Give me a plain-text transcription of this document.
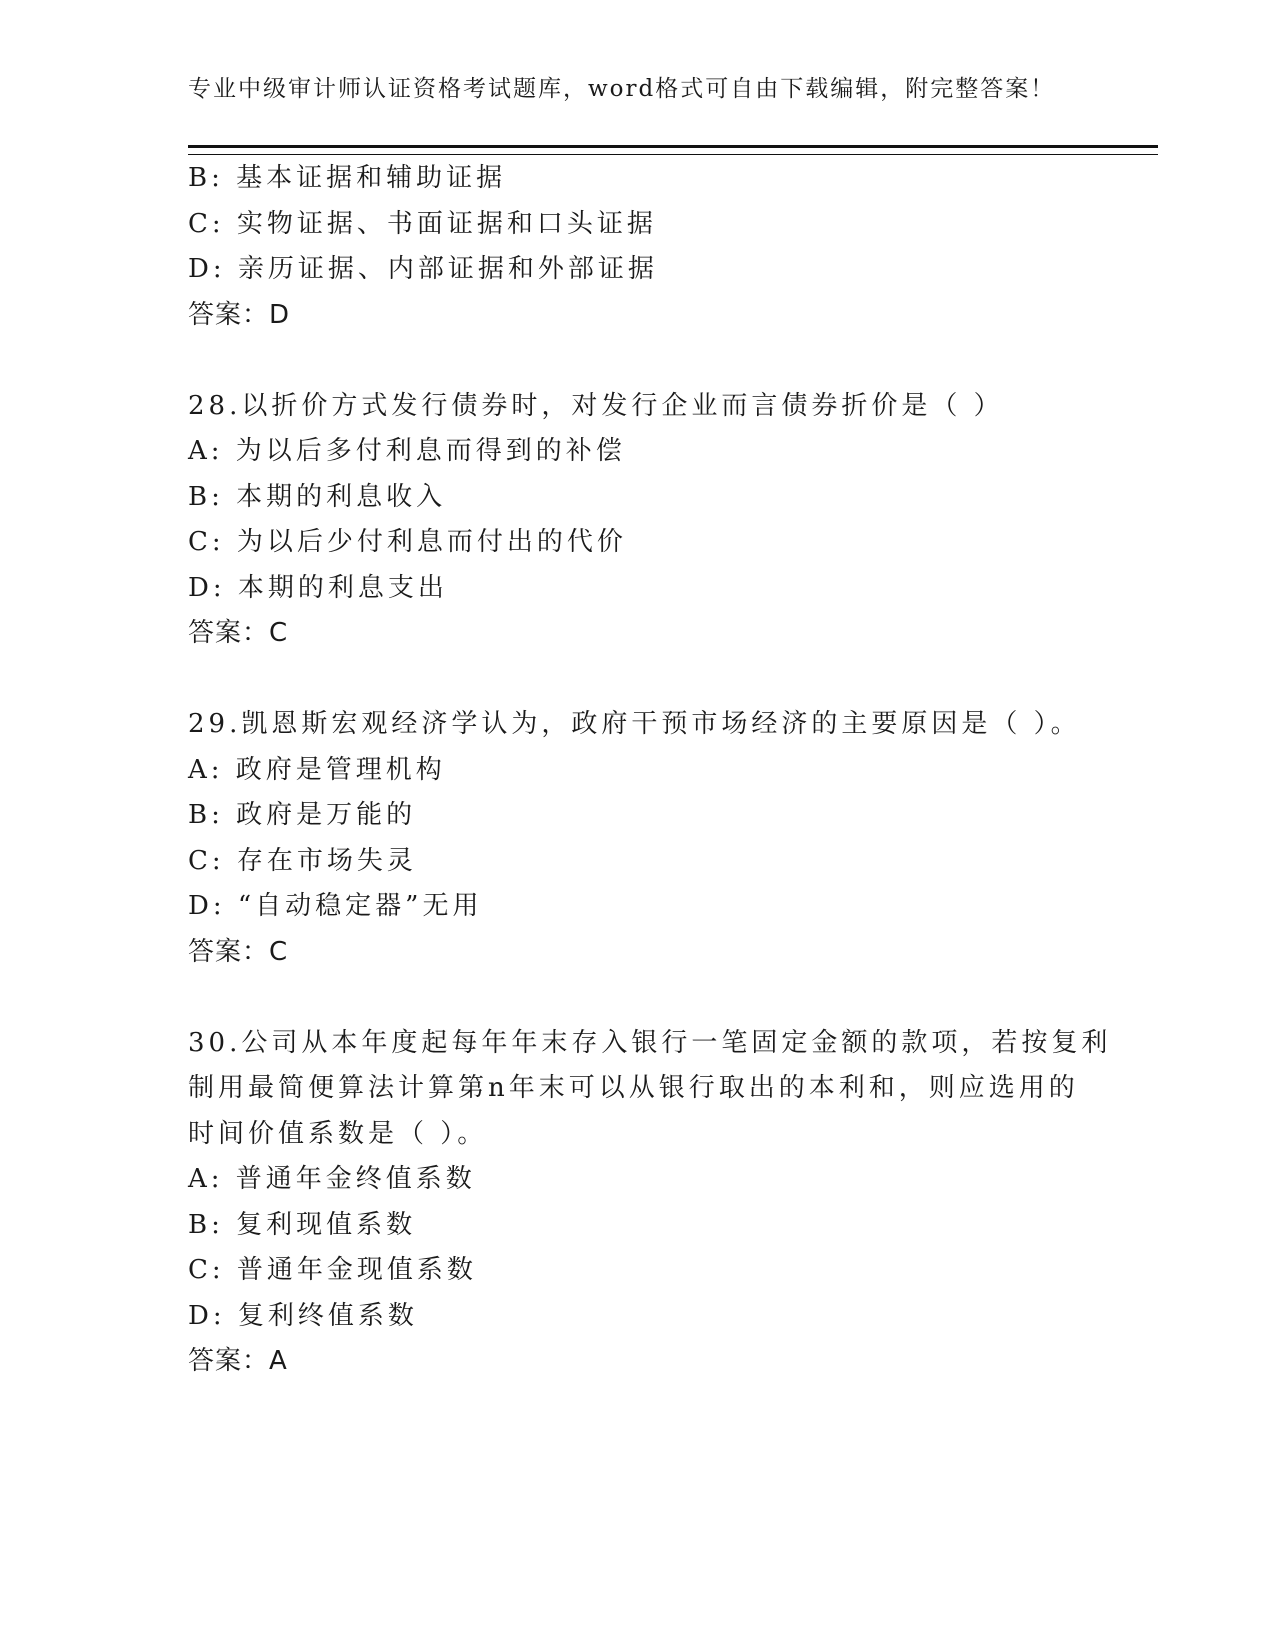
专业中级审计师认证资格考试题库，word格式可自由下载编辑，附完整答案！
B: 基本证据和辅助证据
C: 实物证据、书面证据和口头证据
D: 亲历证据、内部证据和外部证据
答案：D
28.以折价方式发行债券时，对发行企业而言债券折价是（ ）
A: 为以后多付利息而得到的补偿
B: 本期的利息收入
C: 为以后少付利息而付出的代价
D: 本期的利息支出
答案：C
29.凯恩斯宏观经济学认为，政府干预市场经济的主要原因是（ ）。
A: 政府是管理机构
B: 政府是万能的
C: 存在市场失灵
D: “自动稳定器”无用
答案：C
30.公司从本年度起每年年末存入银行一笔固定金额的款项，若按复利
制用最简便算法计算第n年末可以从银行取出的本利和，则应选用的
时间价值系数是（ ）。
A: 普通年金终值系数
B: 复利现值系数
C: 普通年金现值系数
D: 复利终值系数
答案：A
